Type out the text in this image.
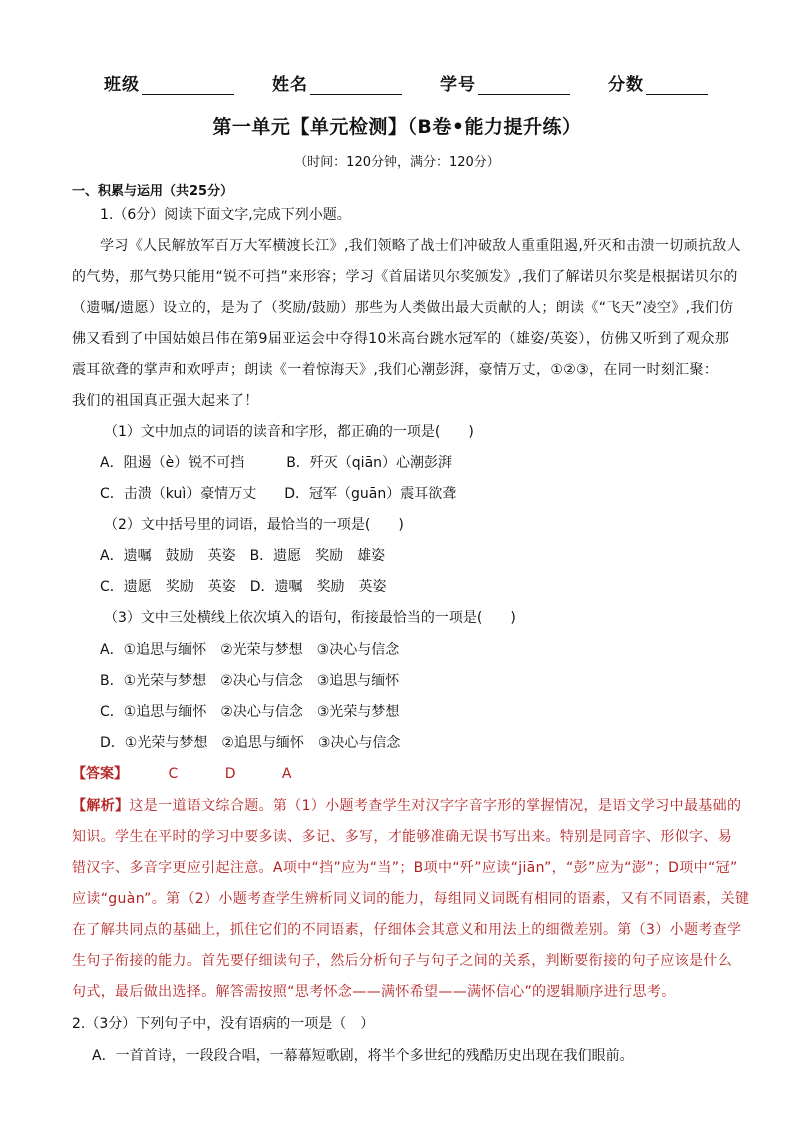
班级	姓名	学号	分数
第一单元【单元检测】（B卷•能力提升练）
（时间：120分钟，满分：120分）
一、积累与运用（共25分）
1.（6分）阅读下面文字,完成下列小题。
学习《人民解放军百万大军横渡长江》,我们领略了战士们冲破敌人重重阻遏,歼灭和击溃一切顽抗敌人
的气势，那气势只能用“锐不可挡”来形容；学习《首届诺贝尔奖颁发》,我们了解诺贝尔奖是根据诺贝尔的
（遗嘱/遗愿）设立的，是为了（奖励/鼓励）那些为人类做出最大贡献的人；朗读《“飞天”凌空》,我们仿
佛又看到了中国姑娘吕伟在第9届亚运会中夺得10米高台跳水冠军的（雄姿/英姿），仿佛又听到了观众那
震耳欲聋的掌声和欢呼声；朗读《一着惊海天》,我们心潮彭湃，豪情万丈，①②③，在同一时刻汇聚：
我们的祖国真正强大起来了！
（1）文中加点的词语的读音和字形，都正确的一项是(　　)
A．阻遏（è）锐不可挡　　　B．歼灭（qiān）心潮彭湃
C．击溃（kuì）豪情万丈　　D．冠军（guān）震耳欲聋
（2）文中括号里的词语，最恰当的一项是(　　)
A．遗嘱　鼓励　英姿　B．遗愿　奖励　雄姿
C．遗愿　奖励　英姿　D．遗嘱　奖励　英姿
（3）文中三处横线上依次填入的语句，衔接最恰当的一项是(　　)
A．①追思与缅怀　②光荣与梦想　③决心与信念
B．①光荣与梦想　②决心与信念　③追思与缅怀
C．①追思与缅怀　②决心与信念　③光荣与梦想
D．①光荣与梦想　②追思与缅怀　③决心与信念
【答案】	C	D	A
【解析】这是一道语文综合题。第（1）小题考查学生对汉字字音字形的掌握情况，是语文学习中最基础的
知识。学生在平时的学习中要多读、多记、多写，才能够准确无误书写出来。特别是同音字、形似字、易
错汉字、多音字更应引起注意。A项中“挡”应为“当”；B项中“歼”应读“jiān”，“彭”应为“澎”；D项中“冠”
应读“guàn”。第（2）小题考查学生辨析同义词的能力，每组同义词既有相同的语素，又有不同语素，关键
在了解共同点的基础上，抓住它们的不同语素，仔细体会其意义和用法上的细微差别。第（3）小题考查学
生句子衔接的能力。首先要仔细读句子，然后分析句子与句子之间的关系，判断要衔接的句子应该是什么
句式，最后做出选择。解答需按照“思考怀念——满怀希望——满怀信心”的逻辑顺序进行思考。
2.（3分）下列句子中，没有语病的一项是（　）
A．一首首诗，一段段合唱，一幕幕短歌剧，将半个多世纪的残酷历史出现在我们眼前。
